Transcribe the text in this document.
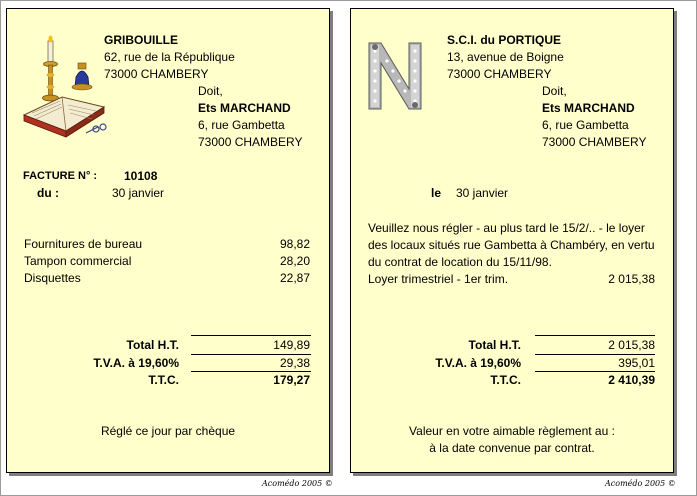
GRIBOUILLE
62, rue de la République
73000 CHAMBERY
Doit,
Ets MARCHAND
6, rue Gambetta
73000 CHAMBERY
FACTURE N° : 10108
du :	30 janvier
Fournitures de bureau	98,82
Tampon commercial	28,20
Disquettes	22,87
Total H.T.	149,89
T.V.A. à 19,60%	29,38
T.T.C.	179,27
Réglé ce jour par chèque
S.C.I. du PORTIQUE
13, avenue de Boigne
73000 CHAMBERY
Doit,
Ets MARCHAND
6, rue Gambetta
73000 CHAMBERY
le 30 janvier
Veuillez nous régler - au plus tard le 15/2/.. - le loyer
des locaux situés rue Gambetta à Chambéry, en vertu
du contrat de location du 15/11/98.
Loyer trimestriel - 1er trim.	2 015,38
Total H.T.	2 015,38
T.V.A. à 19,60%	395,01
T.T.C.	2 410,39
Valeur en votre aimable règlement au :
à la date convenue par contrat.
Acomédo 2005 ©	Acomédo 2005 ©
